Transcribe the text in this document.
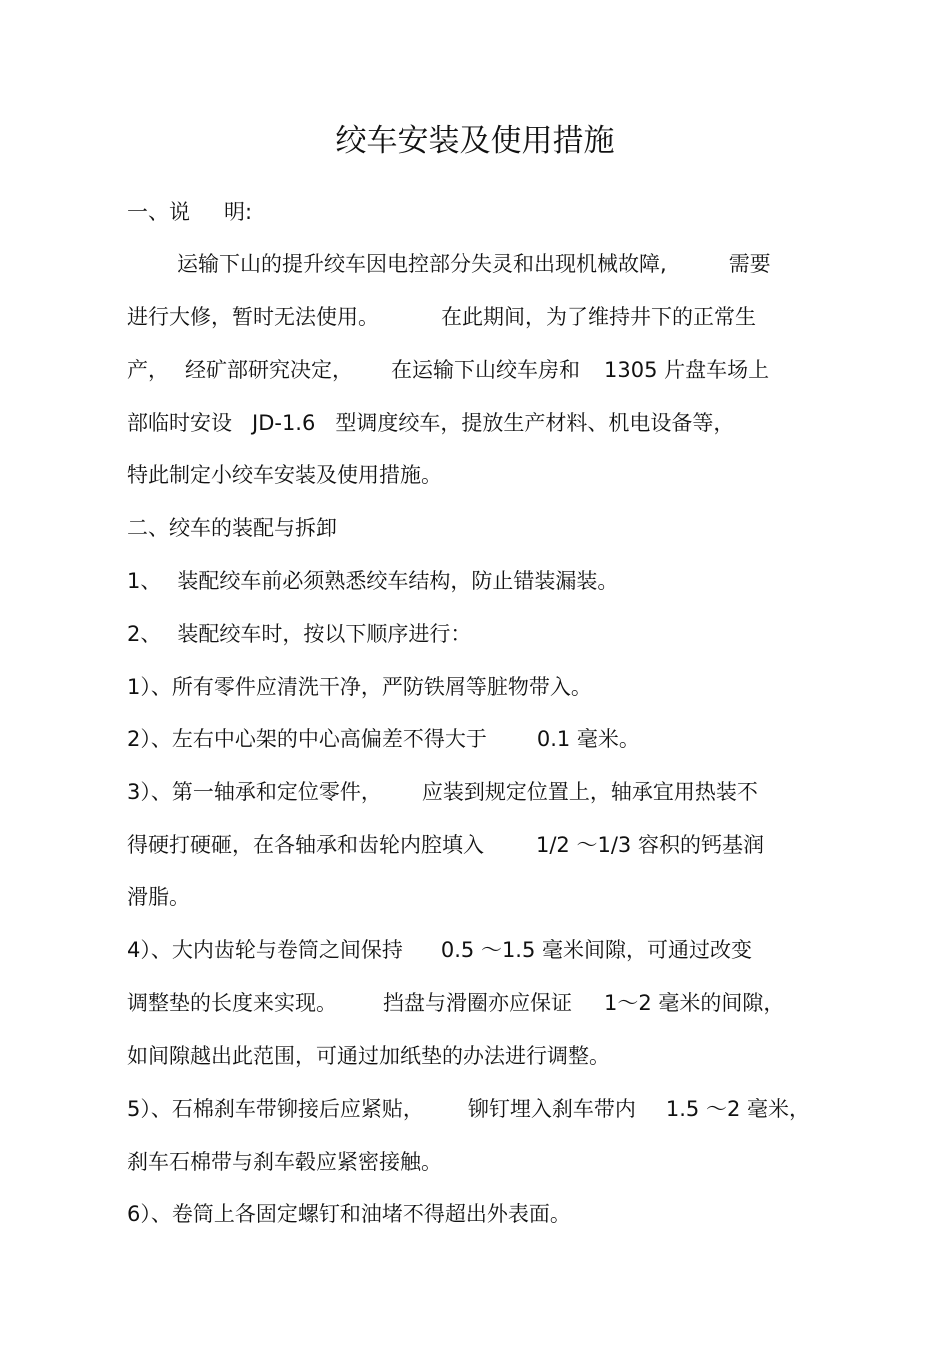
绞车安装及使用措施
一、说 明:
运输下山的提升绞车因电控部分失灵和出现机械故障,	需要
进行大修，暂时无法使用。	在此期间，为了维持井下的正常生
产， 经矿部研究决定， 在运输下山绞车房和 1305 片盘车场上
部临时安设 JD-1.6 型调度绞车，提放生产材料、机电设备等，
特此制定小绞车安装及使用措施。
二、绞车的装配与拆卸
1、 装配绞车前必须熟悉绞车结构，防止错装漏装。
2、 装配绞车时，按以下顺序进行：
1）、所有零件应清洗干净，严防铁屑等脏物带入。
2）、左右中心架的中心高偏差不得大于 0.1 毫米。
3）、第一轴承和定位零件， 应装到规定位置上，轴承宜用热装不
得硬打硬砸，在各轴承和齿轮内腔填入 1/2 ～1/3 容积的钙基润
滑脂。
4）、大内齿轮与卷筒之间保持 0.5 ～1.5 毫米间隙，可通过改变
调整垫的长度来实现。 挡盘与滑圈亦应保证 1～2 毫米的间隙，
如间隙越出此范围，可通过加纸垫的办法进行调整。
5）、石棉刹车带铆接后应紧贴， 铆钉埋入刹车带内 1.5 ～2 毫米，
刹车石棉带与刹车毂应紧密接触。
6）、卷筒上各固定螺钉和油堵不得超出外表面。
